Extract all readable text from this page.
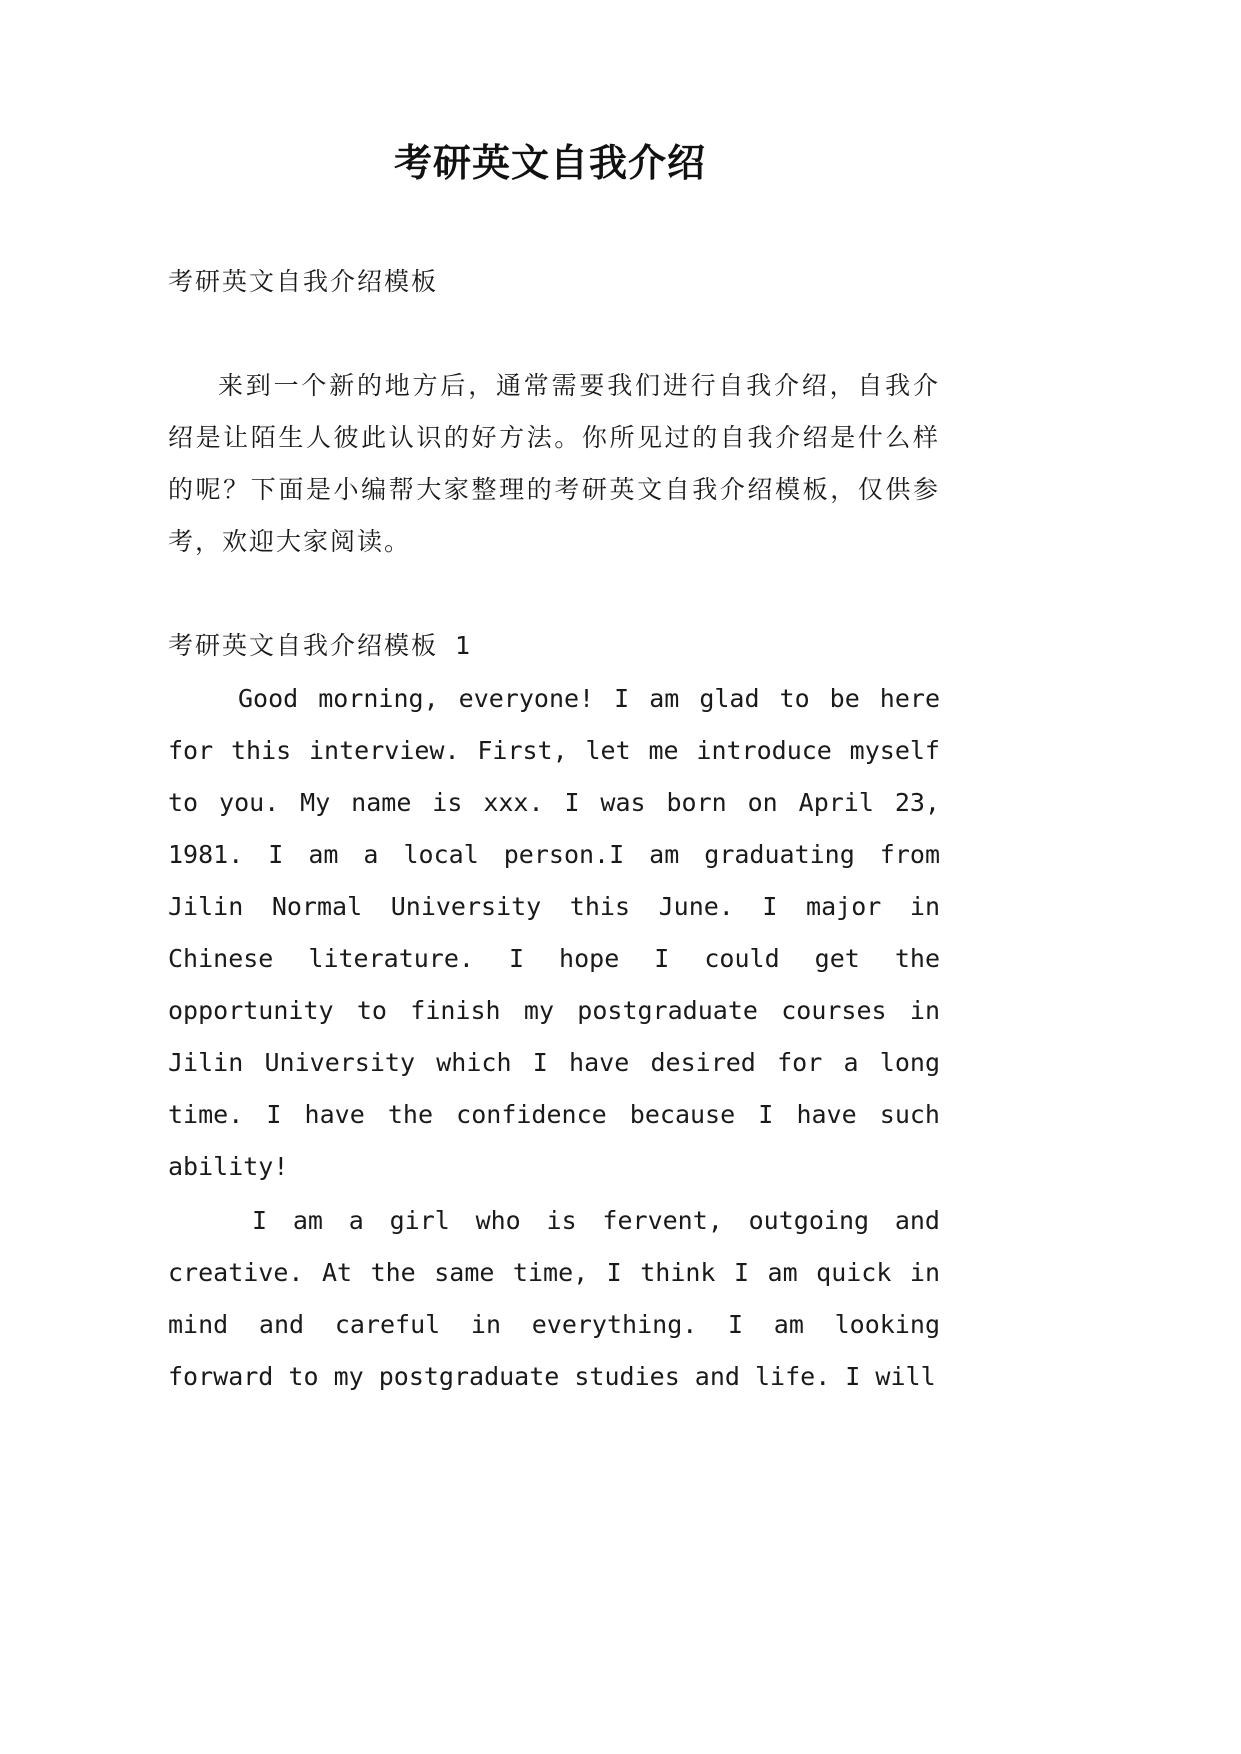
考研英文自我介绍

考研英文自我介绍模板

来到一个新的地方后，通常需要我们进行自我介绍，自我介绍是让陌生人彼此认识的好方法。你所见过的自我介绍是什么样的呢？下面是小编帮大家整理的考研英文自我介绍模板，仅供参考，欢迎大家阅读。

考研英文自我介绍模板 1

Good morning, everyone! I am glad to be here for this interview. First, let me introduce myself to you. My name is xxx. I was born on April 23, 1981. I am a local person.I am graduating from Jilin Normal University this June. I major in Chinese literature. I hope I could get the opportunity to finish my postgraduate courses in Jilin University which I have desired for a long time. I have the confidence because I have such ability!

I am a girl who is fervent, outgoing and creative. At the same time, I think I am quick in mind and careful in everything. I am looking forward to my postgraduate studies and life. I will
